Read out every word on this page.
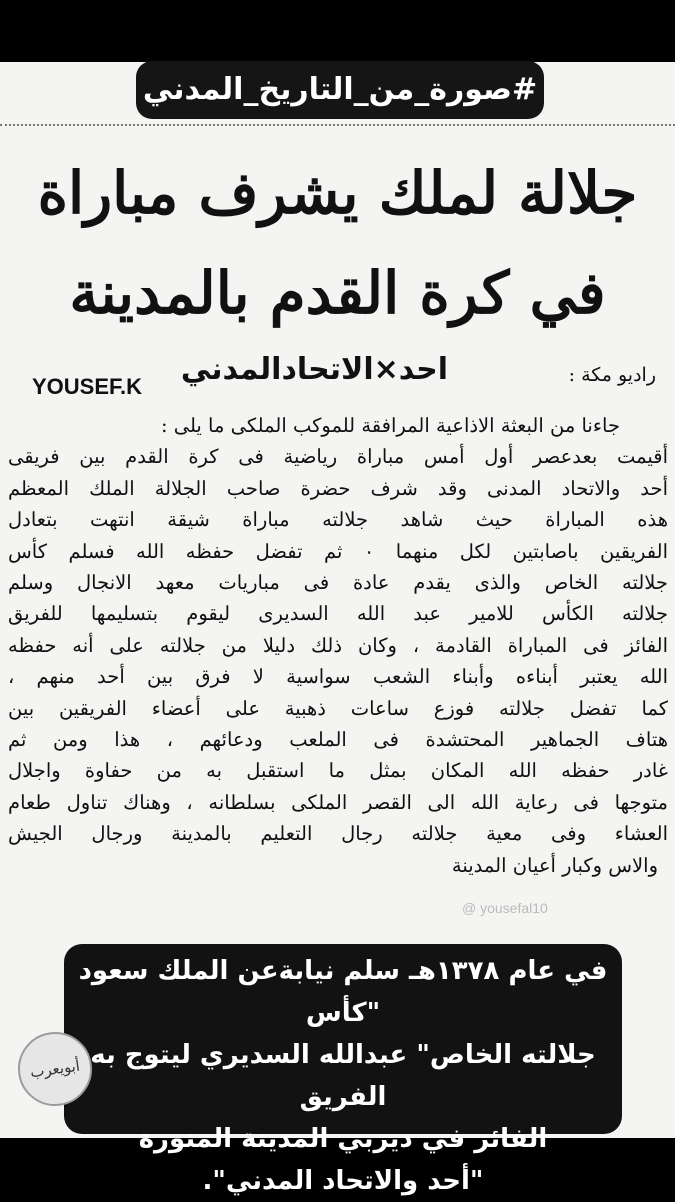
#صورة_من_التاريخ_المدني
جلالة لملك يشرف مباراة
في كرة القدم بالمدينة
YOUSEF.K احد×الاتحادالمدني	راديو مكة :
جاءنا من البعثة الاذاعية المرافقة للموكب الملكى ما يلى :
أقيمت بعدعصر أول أمس مباراة رياضية فى كرة القدم بين فريقى
أحد والاتحاد المدنى وقد شرف حضرة صاحب الجلالة الملك المعظم
هذه المباراة حيث شاهد جلالته مباراة شيقة انتهت بتعادل
الفريقين باصابتين لكل منهما ٠ ثم تفضل حفظه الله فسلم كأس
جلالته الخاص والذى يقدم عادة فى مباريات معهد الانجال وسلم
جلالته الكأس للامير عبد الله السديرى ليقوم بتسليمها للفريق
الفائز فى المباراة القادمة ، وكان ذلك دليلا من جلالته على أنه حفظه
الله يعتبر أبناءه وأبناء الشعب سواسية لا فرق بين أحد منهم ،
كما تفضل جلالته فوزع ساعات ذهبية على أعضاء الفريقين بين
هتاف الجماهير المحتشدة فى الملعب ودعائهم ، هذا ومن ثم
غادر حفظه الله المكان بمثل ما استقبل به من حفاوة واجلال
متوجها فى رعاية الله الى القصر الملكى بسلطانه ، وهناك تناول طعام
العشاء وفى معية جلالته رجال التعليم بالمدينة ورجال الجيش
والاس وكبار أعيان المدينة
@ yousefal10
في عام ١٣٧٨هـ سلم نيابةعن الملك سعود "كأس
جلالته الخاص" عبدالله السديري ليتوج به الفريق
الفائز في ديربي المدينة المنورة
"أحد والاتحاد المدني".
أبويعرب
